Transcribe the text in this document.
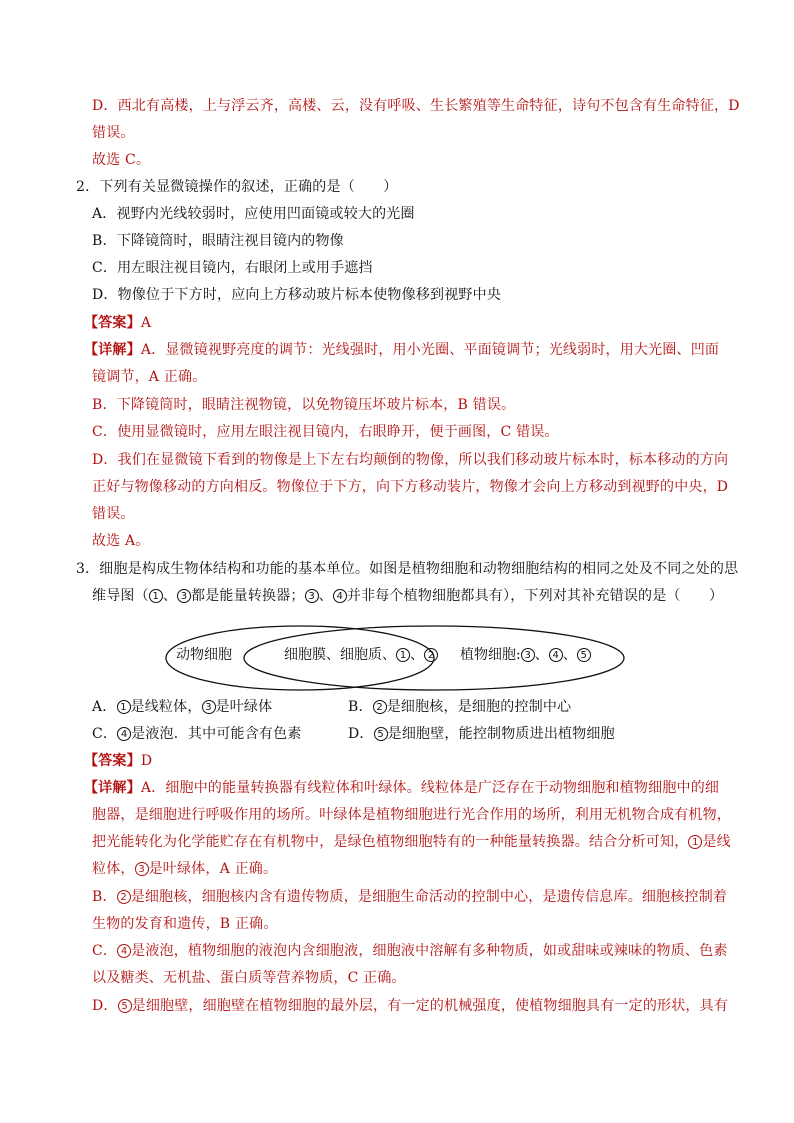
D．西北有高楼，上与浮云齐，高楼、云，没有呼吸、生长繁殖等生命特征，诗句不包含有生命特征，D
错误。
故选 C。
2．下列有关显微镜操作的叙述，正确的是（　　）
A．视野内光线较弱时，应使用凹面镜或较大的光圈
B．下降镜筒时，眼睛注视目镜内的物像
C．用左眼注视目镜内，右眼闭上或用手遮挡
D．物像位于下方时，应向上方移动玻片标本使物像移到视野中央
【答案】A
【详解】A．显微镜视野亮度的调节：光线强时，用小光圈、平面镜调节；光线弱时，用大光圈、凹面
镜调节，A 正确。
B．下降镜筒时，眼睛注视物镜，以免物镜压坏玻片标本，B 错误。
C．使用显微镜时，应用左眼注视目镜内，右眼睁开，便于画图，C 错误。
D．我们在显微镜下看到的物像是上下左右均颠倒的物像，所以我们移动玻片标本时，标本移动的方向
正好与物像移动的方向相反。物像位于下方，向下方移动装片，物像才会向上方移动到视野的中央，D
错误。
故选 A。
3．细胞是构成生物体结构和功能的基本单位。如图是植物细胞和动物细胞结构的相同之处及不同之处的思
维导图（ 1 、 3 都是能量转换器； 3 、 4 并非每个植物细胞都具有），下列对其补充错误的是（　　）
动物细胞	细胞膜、细胞质、 1 、 2 植物细胞: 3 、 4 、 5
A． 1 是线粒体， 3 是叶绿体	B． 2 是细胞核，是细胞的控制中心
C． 4 是液泡．其中可能含有色素	D． 5 是细胞壁，能控制物质进出植物细胞
【答案】D
【详解】A．细胞中的能量转换器有线粒体和叶绿体。线粒体是广泛存在于动物细胞和植物细胞中的细
胞器，是细胞进行呼吸作用的场所。叶绿体是植物细胞进行光合作用的场所，利用无机物合成有机物，
把光能转化为化学能贮存在有机物中，是绿色植物细胞特有的一种能量转换器。结合分析可知， 1 是线
粒体， 3 是叶绿体，A 正确。
B． 2 是细胞核，细胞核内含有遗传物质，是细胞生命活动的控制中心，是遗传信息库。细胞核控制着
生物的发育和遗传，B 正确。
C． 4 是液泡，植物细胞的液泡内含细胞液，细胞液中溶解有多种物质，如或甜味或辣味的物质、色素
以及糖类、无机盐、蛋白质等营养物质，C 正确。
D． 5 是细胞壁，细胞壁在植物细胞的最外层，有一定的机械强度，使植物细胞具有一定的形状，具有
